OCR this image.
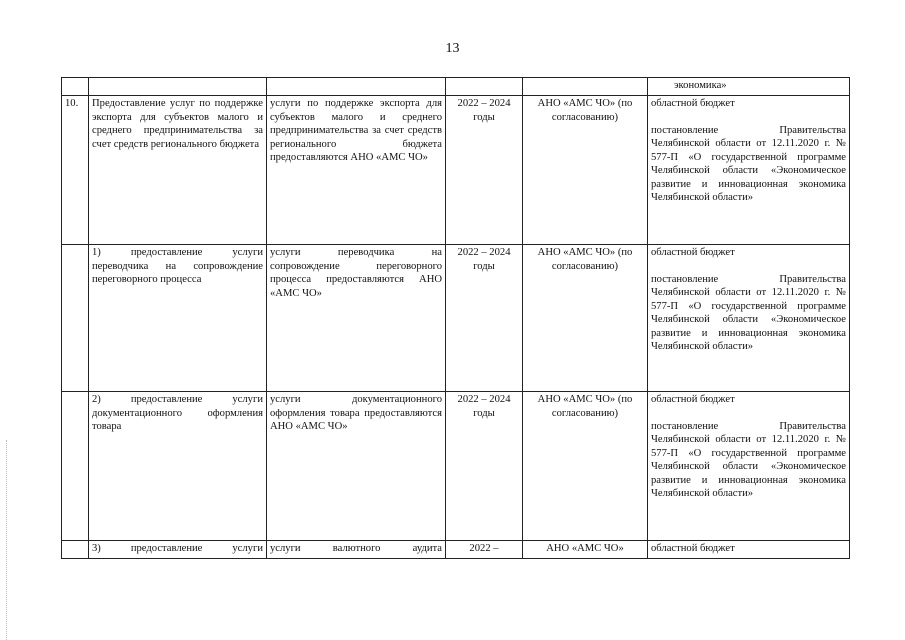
13
					экономика»
10.	Предоставление услуг по поддержке экспорта для субъектов малого и среднего предпринимательства за счет средств регионального бюджета	услуги по поддержке экспорта для субъектов малого и среднего предпринимательства за счет средств регионального бюджета предоставляются АНО «АМС ЧО»	2022 – 2024 годы	АНО «АМС ЧО» (по согласованию)	областной бюджет
постановление Правительства Челябинской области от 12.11.2020 г. № 577-П «О государственной программе Челябинской области «Экономическое развитие и инновационная экономика Челябинской области»

	1) предоставление услуги переводчика на сопровождение переговорного процесса	услуги переводчика на сопровождение переговорного процесса предоставляются АНО «АМС ЧО»	2022 – 2024 годы	АНО «АМС ЧО» (по согласованию)	областной бюджет
постановление Правительства Челябинской области от 12.11.2020 г. № 577-П «О государственной программе Челябинской области «Экономическое развитие и инновационная экономика Челябинской области»

	2) предоставление услуги документационного оформления товара	услуги документационного оформления товара предоставляются АНО «АМС ЧО»	2022 – 2024 годы	АНО «АМС ЧО» (по согласованию)	областной бюджет
постановление Правительства Челябинской области от 12.11.2020 г. № 577-П «О государственной программе Челябинской области «Экономическое развитие и инновационная экономика Челябинской области»

	3) предоставление услуги	услуги валютного аудита	2022 –	АНО «АМС ЧО»	областной бюджет
